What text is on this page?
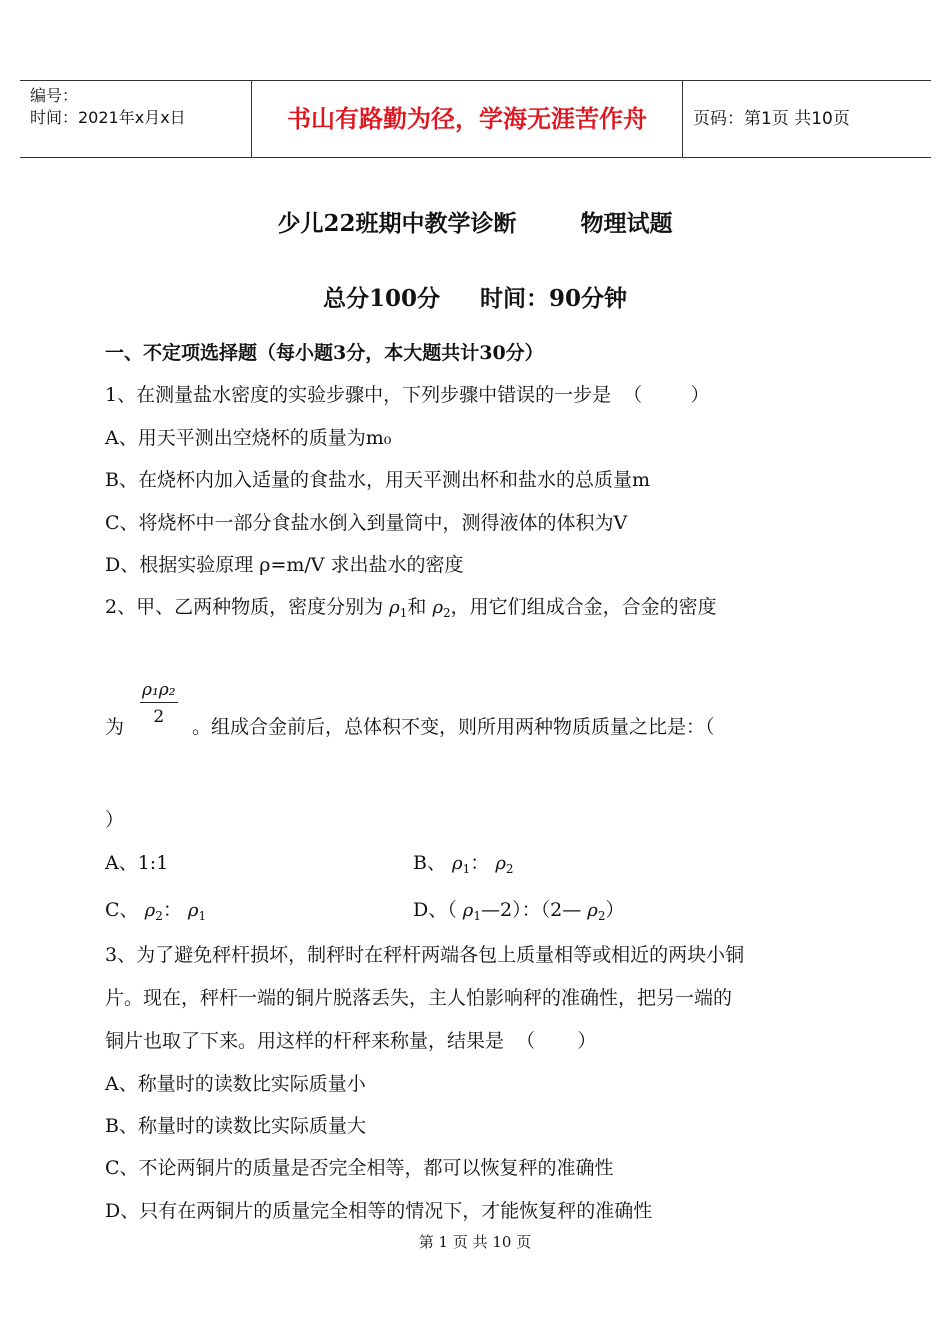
编号：
时间：2021年x月x日	书山有路勤为径，学海无涯苦作舟	页码：第1页 共10页
少儿22班期中教学诊断        物理试题
总分100分     时间：90分钟
一、不定项选择题（每小题3分，本大题共计30分）
1、在测量盐水密度的实验步骤中，下列步骤中错误的一步是  （        ）
A、用天平测出空烧杯的质量为m₀
B、在烧杯内加入适量的食盐水，用天平测出杯和盐水的总质量m
C、将烧杯中一部分食盐水倒入到量筒中，测得液体的体积为V
D、根据实验原理 ρ=m/V 求出盐水的密度
2、甲、乙两种物质，密度分别为 $\rho_1$和 $\rho_2$，用它们组成合金，合金的密度
$\frac{\text{ρ₁ρ₂}}{2}$
为	。组成合金前后，总体积不变，则所用两种物质质量之比是：（
）
A、1:1	B、 $\rho_1$： $\rho_2$
C、 $\rho_2$： $\rho_1$	D、（ $\rho_1—2$）：（2— $\rho_2$）
3、为了避免秤杆损坏，制秤时在秤杆两端各包上质量相等或相近的两块小铜
片。现在，秤杆一端的铜片脱落丢失，主人怕影响秤的准确性，把另一端的
铜片也取了下来。用这样的杆秤来称量，结果是  （       ）
A、称量时的读数比实际质量小
B、称量时的读数比实际质量大
C、不论两铜片的质量是否完全相等，都可以恢复秤的准确性
D、只有在两铜片的质量完全相等的情况下，才能恢复秤的准确性
第 1 页 共 10 页
